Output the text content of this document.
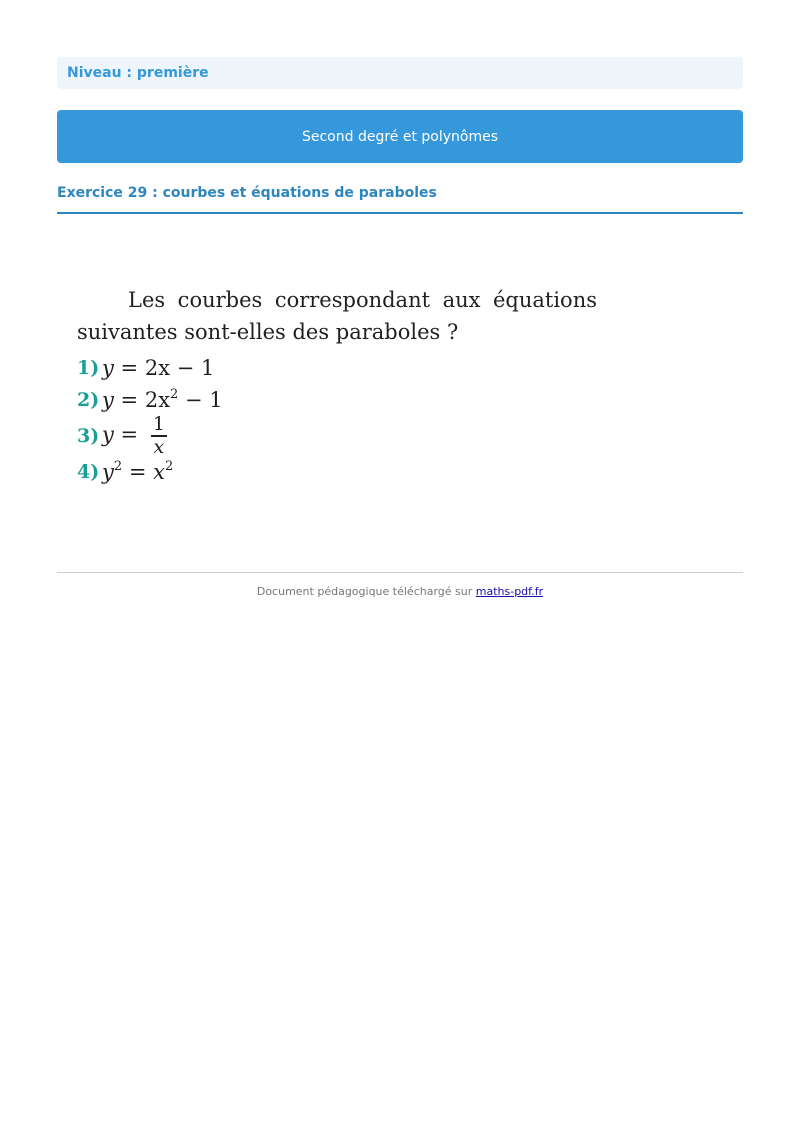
Niveau : première
Second degré et polynômes
Exercice 29 : courbes et équations de paraboles

Les courbes correspondant aux équations suivantes sont-elles des paraboles ?

1) y = 2x − 1
2) $y = 2x^2 - 1$
3) $y = \frac{1}{x}$
4) $y^2 = x^2$
Document pédagogique téléchargé sur maths-pdf.fr
